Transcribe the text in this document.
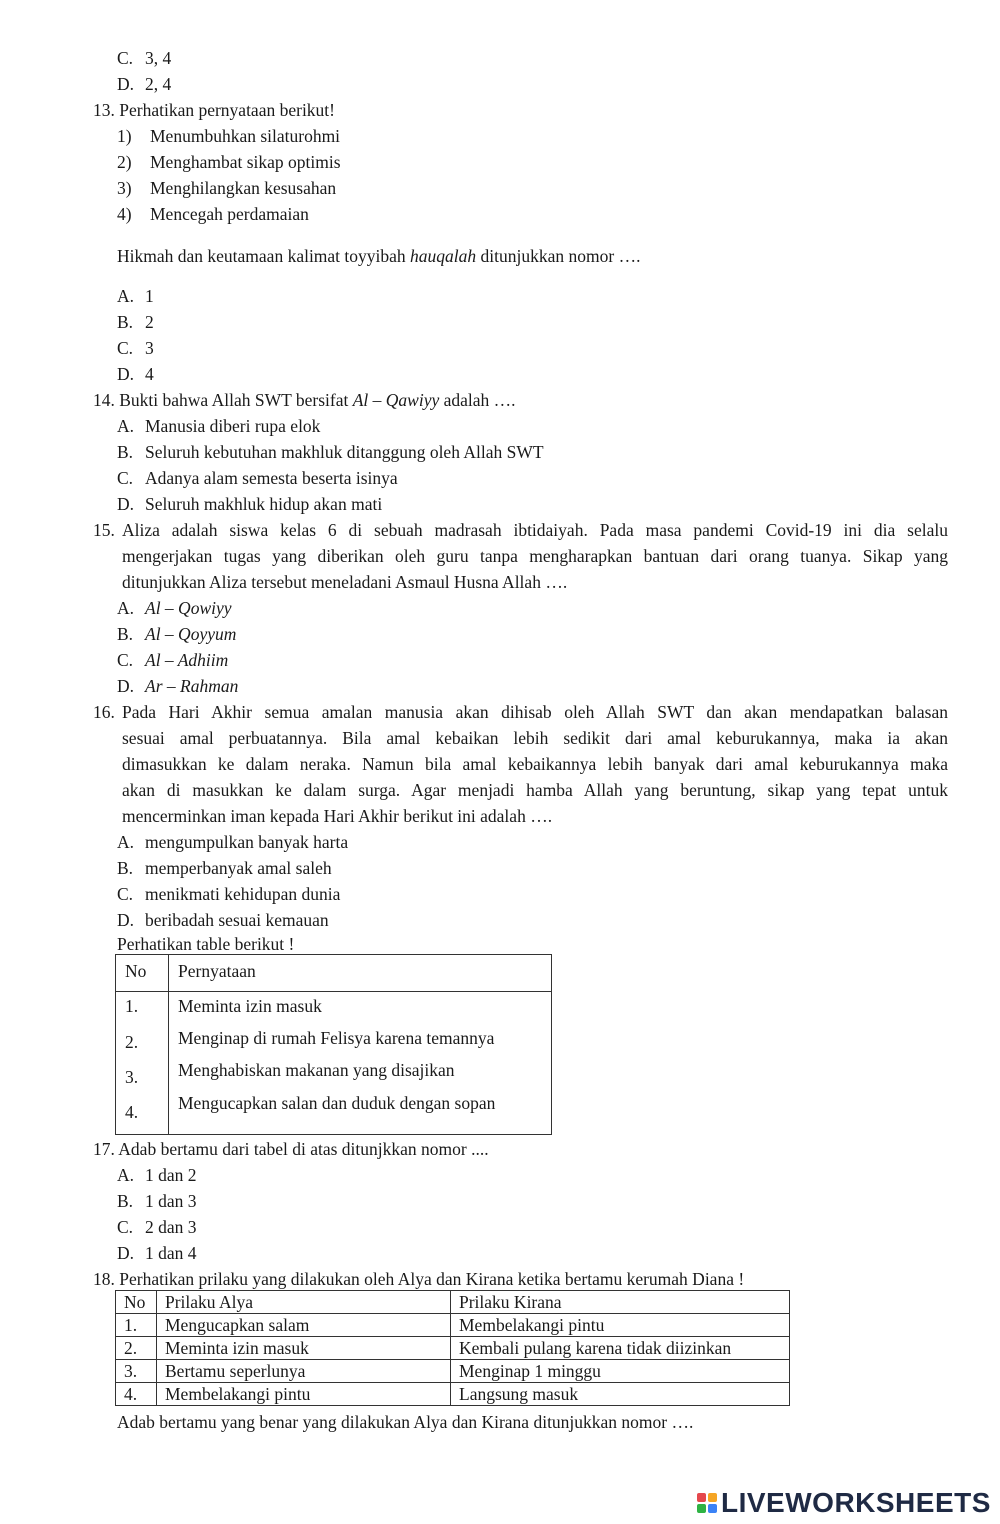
C. 3, 4
D. 2, 4
13. Perhatikan pernyataan berikut!
1) Menumbuhkan silaturohmi
2) Menghambat sikap optimis
3) Menghilangkan kesusahan
4) Mencegah perdamaian
Hikmah dan keutamaan kalimat toyyibah hauqalah ditunjukkan nomor ….
A. 1
B. 2
C. 3
D. 4
14. Bukti bahwa Allah SWT bersifat Al – Qawiyy adalah ….
A. Manusia diberi rupa elok
B. Seluruh kebutuhan makhluk ditanggung oleh Allah SWT
C. Adanya alam semesta beserta isinya
D. Seluruh makhluk hidup akan mati
15. Aliza adalah siswa kelas 6 di sebuah madrasah ibtidaiyah. Pada masa pandemi Covid-19 ini dia selalu
mengerjakan tugas yang diberikan oleh guru tanpa mengharapkan bantuan dari orang tuanya. Sikap yang
ditunjukkan Aliza tersebut meneladani Asmaul Husna Allah ….
A. Al – Qowiyy
B. Al – Qoyyum
C. Al – Adhiim
D. Ar – Rahman
16. Pada Hari Akhir semua amalan manusia akan dihisab oleh Allah SWT dan akan mendapatkan balasan
sesuai amal perbuatannya. Bila amal kebaikan lebih sedikit dari amal keburukannya, maka ia akan
dimasukkan ke dalam neraka. Namun bila amal kebaikannya lebih banyak dari amal keburukannya maka
akan di masukkan ke dalam surga. Agar menjadi hamba Allah yang beruntung, sikap yang tepat untuk
mencerminkan iman kepada Hari Akhir berikut ini adalah ….
A. mengumpulkan banyak harta
B. memperbanyak amal saleh
C. menikmati kehidupan dunia
D. beribadah sesuai kemauan
Perhatikan table berikut !
No Pernyataan
1. Meminta izin masuk
2. Menginap di rumah Felisya karena temannya
3. Menghabiskan makanan yang disajikan
4. Mengucapkan salan dan duduk dengan sopan
17. Adab bertamu dari tabel di atas ditunjkkan nomor ....
A. 1 dan 2
B. 1 dan 3
C. 2 dan 3
D. 1 dan 4
18. Perhatikan prilaku yang dilakukan oleh Alya dan Kirana ketika bertamu kerumah Diana !
No	Prilaku Alya	Prilaku Kirana
1.	Mengucapkan salam	Membelakangi pintu
2.	Meminta izin masuk	Kembali pulang karena tidak diizinkan
3.	Bertamu seperlunya	Menginap 1 minggu
4.	Membelakangi pintu	Langsung masuk
Adab bertamu yang benar yang dilakukan Alya dan Kirana ditunjukkan nomor ….
LIVEWORKSHEETS
